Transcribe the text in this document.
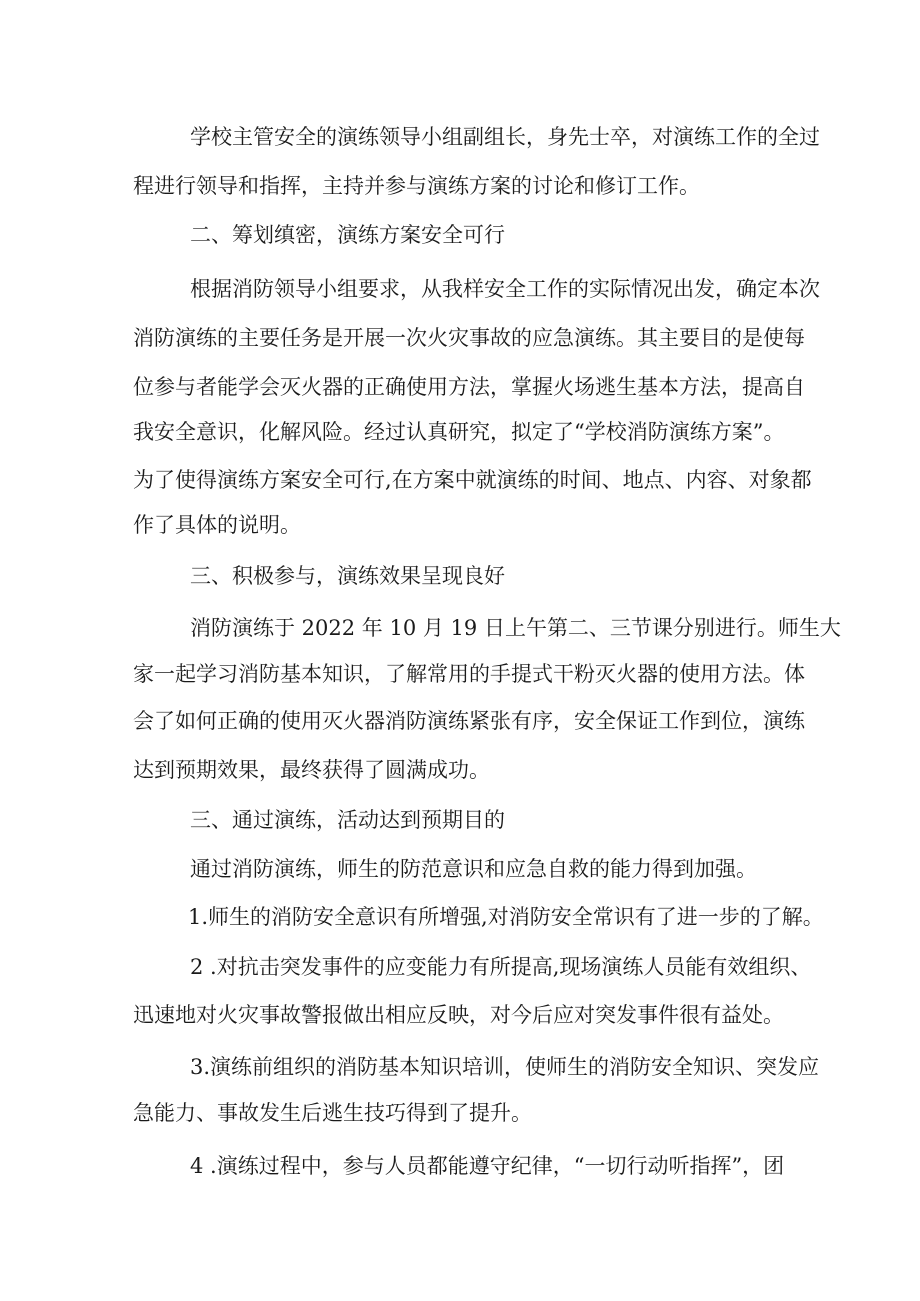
学校主管安全的演练领导小组副组长，身先士卒，对演练工作的全过

程进行领导和指挥，主持并参与演练方案的讨论和修订工作。

二、筹划缜密，演练方案安全可行

根据消防领导小组要求，从我样安全工作的实际情况出发，确定本次

消防演练的主要任务是开展一次火灾事故的应急演练。其主要目的是使每

位参与者能学会灭火器的正确使用方法，掌握火场逃生基本方法，提高自

我安全意识，化解风险。经过认真研究，拟定了“学校消防演练方案”。

为了使得演练方案安全可行,在方案中就演练的时间、地点、内容、对象都

作了具体的说明。

三、积极参与，演练效果呈现良好

消防演练于 2022 年 10 月 19 日上午第二、三节课分别进行。师生大

家一起学习消防基本知识，了解常用的手提式干粉灭火器的使用方法。体

会了如何正确的使用灭火器消防演练紧张有序，安全保证工作到位，演练

达到预期效果，最终获得了圆满成功。

三、通过演练，活动达到预期目的

通过消防演练，师生的防范意识和应急自救的能力得到加强。

1.师生的消防安全意识有所增强,对消防安全常识有了进一步的了解。

2 .对抗击突发事件的应变能力有所提高,现场演练人员能有效组织、

迅速地对火灾事故警报做出相应反映，对今后应对突发事件很有益处。

3.演练前组织的消防基本知识培训，使师生的消防安全知识、突发应

急能力、事故发生后逃生技巧得到了提升。

4 .演练过程中，参与人员都能遵守纪律，“一切行动听指挥”，团
